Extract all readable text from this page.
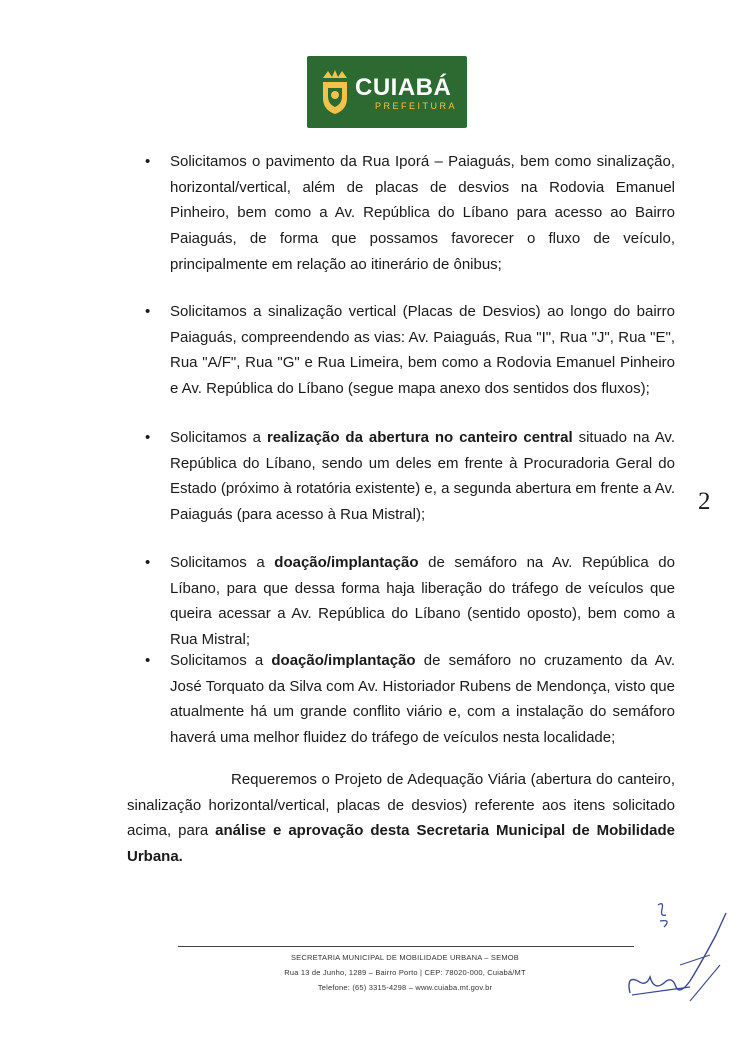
CUIABÁ
PREFEITURA
• Solicitamos o pavimento da Rua Iporá – Paiaguás, bem como sinalização, horizontal/vertical, além de placas de desvios na Rodovia Emanuel Pinheiro, bem como a Av. República do Líbano para acesso ao Bairro Paiaguás, de forma que possamos favorecer o fluxo de veículo, principalmente em relação ao itinerário de ônibus;
• Solicitamos a sinalização vertical (Placas de Desvios) ao longo do bairro Paiaguás, compreendendo as vias: Av. Paiaguás, Rua "I", Rua "J", Rua "E", Rua "A/F", Rua "G" e Rua Limeira, bem como a Rodovia Emanuel Pinheiro e Av. República do Líbano (segue mapa anexo dos sentidos dos fluxos);
• Solicitamos a realização da abertura no canteiro central situado na Av. República do Líbano, sendo um deles em frente à Procuradoria Geral do Estado (próximo à rotatória existente) e, a segunda abertura em frente a Av. Paiaguás (para acesso à Rua Mistral);
• Solicitamos a doação/implantação de semáforo na Av. República do Líbano, para que dessa forma haja liberação do tráfego de veículos que queira acessar a Av. República do Líbano (sentido oposto), bem como a Rua Mistral;
• Solicitamos a doação/implantação de semáforo no cruzamento da Av. José Torquato da Silva com Av. Historiador Rubens de Mendonça, visto que atualmente há um grande conflito viário e, com a instalação do semáforo haverá uma melhor fluidez do tráfego de veículos nesta localidade;
Requeremos o Projeto de Adequação Viária (abertura do canteiro, sinalização horizontal/vertical, placas de desvios) referente aos itens solicitado acima, para análise e aprovação desta Secretaria Municipal de Mobilidade Urbana.
2
SECRETARIA MUNICIPAL DE MOBILIDADE URBANA – SEMOB
Rua 13 de Junho, 1289 – Bairro Porto | CEP: 78020-000, Cuiabá/MT
Telefone: (65) 3315-4298 – www.cuiaba.mt.gov.br
